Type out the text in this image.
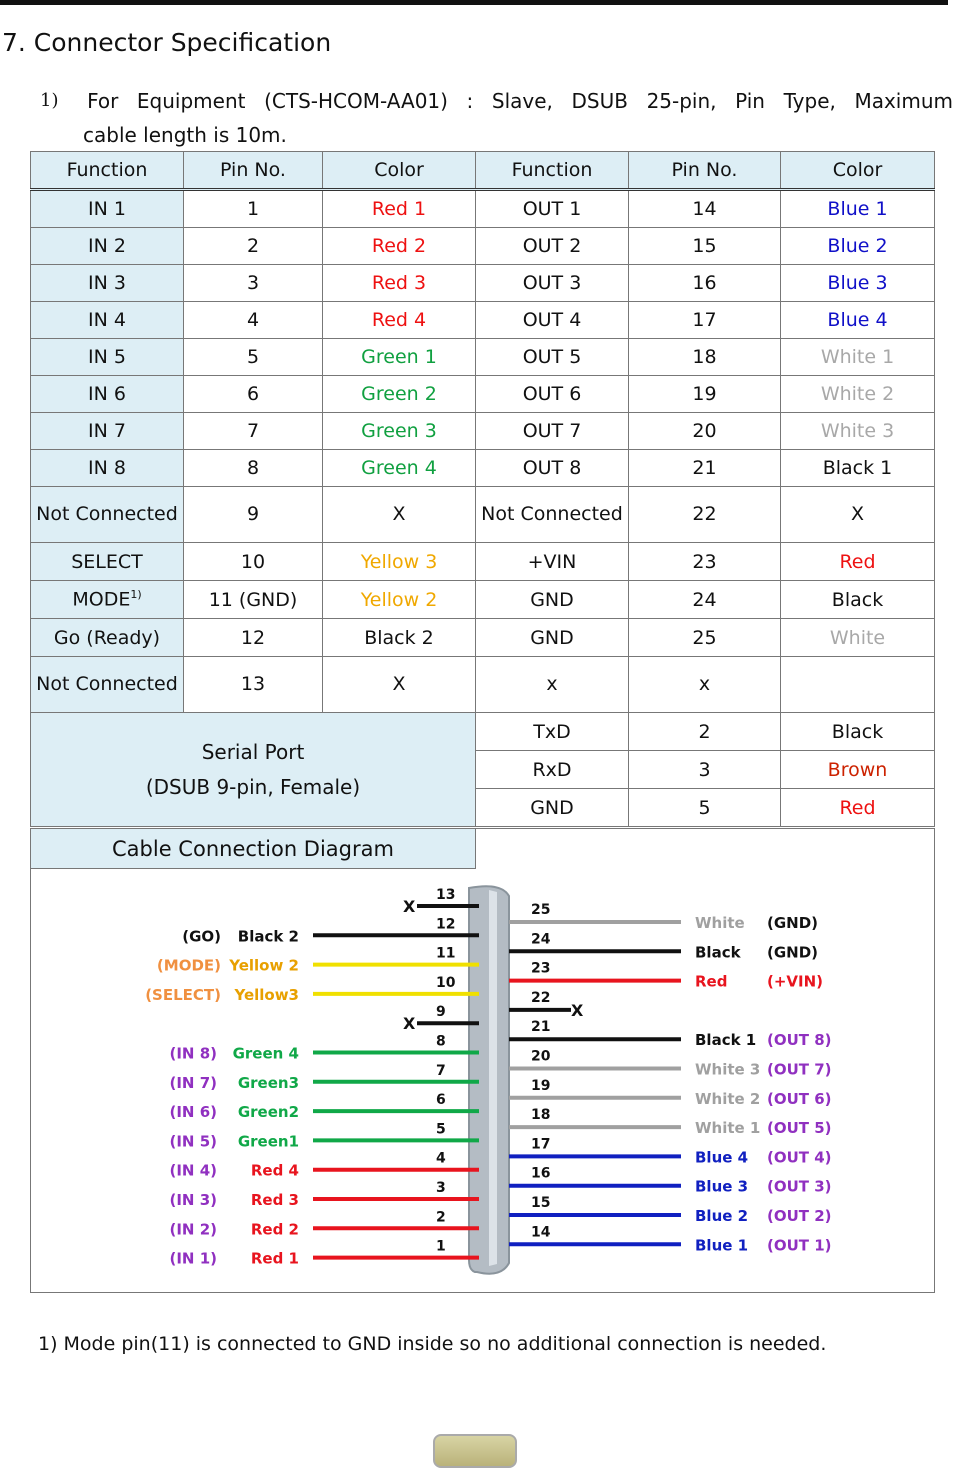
7. Connector Specification
1) For Equipment (CTS-HCOM-AA01) : Slave, DSUB 25-pin, Pin Type, Maximum
cable length is 10m.
Function	Pin No.	Color	Function	Pin No.	Color
IN 1	1	Red 1	OUT 1	14	Blue 1
IN 2	2	Red 2	OUT 2	15	Blue 2
IN 3	3	Red 3	OUT 3	16	Blue 3
IN 4	4	Red 4	OUT 4	17	Blue 4
IN 5	5	Green 1	OUT 5	18	White 1
IN 6	6	Green 2	OUT 6	19	White 2
IN 7	7	Green 3	OUT 7	20	White 3
IN 8	8	Green 4	OUT 8	21	Black 1
Not Connected	9	X	Not Connected	22	X
SELECT	10	Yellow 3	+VIN	23	Red
MODE$^{1)}$	11 (GND)	Yellow 2	GND	24	Black
Go (Ready)	12	Black 2	GND	25	White
Not Connected	13	X	x	x	

Serial Port
(DSUB 9-pin, Female)			TxD	2	Black
			RxD	3	Brown
			GND	5	Red
Cable Connection Diagram
13
X
12
Black 2
(GO)
11
Yellow 2
(MODE)
10
Yellow3
(SELECT)
9
X
8
Green 4
(IN 8)
7
Green3
(IN 7)
6
Green2
(IN 6)
5
Green1
(IN 5)
4
Red 4
(IN 4)
3
Red 3
(IN 3)
2
Red 2
(IN 2)
1
Red 1
(IN 1)
25
White (GND)
24
Black (GND)
23
Red	(+VIN)
22
X
21
Black 1 (OUT 8)
20
White 3 (OUT 7)
19
White 2 (OUT 6)
18
White 1 (OUT 5)
17
Blue 4 (OUT 4)
16
Blue 3 (OUT 3)
15
Blue 2 (OUT 2)
14
Blue 1 (OUT 1)
1) Mode pin(11) is connected to GND inside so no additional connection is needed.
